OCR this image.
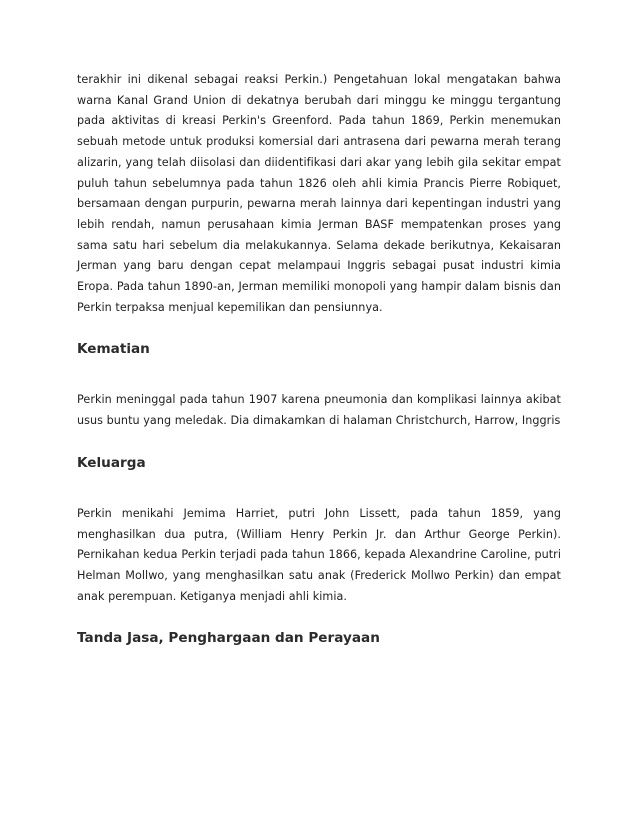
terakhir ini dikenal sebagai reaksi Perkin.) Pengetahuan lokal mengatakan bahwa warna Kanal Grand Union di dekatnya berubah dari minggu ke minggu tergantung pada aktivitas di kreasi Perkin's Greenford. Pada tahun 1869, Perkin menemukan sebuah metode untuk produksi komersial dari antrasena dari pewarna merah terang alizarin, yang telah diisolasi dan diidentifikasi dari akar yang lebih gila sekitar empat puluh tahun sebelumnya pada tahun 1826 oleh ahli kimia Prancis Pierre Robiquet, bersamaan dengan purpurin, pewarna merah lainnya dari kepentingan industri yang lebih rendah, namun perusahaan kimia Jerman BASF mempatenkan proses yang sama satu hari sebelum dia melakukannya. Selama dekade berikutnya, Kekaisaran Jerman yang baru dengan cepat melampaui Inggris sebagai pusat industri kimia Eropa. Pada tahun 1890-an, Jerman memiliki monopoli yang hampir dalam bisnis dan Perkin terpaksa menjual kepemilikan dan pensiunnya.

Kematian

Perkin meninggal pada tahun 1907 karena pneumonia dan komplikasi lainnya akibat usus buntu yang meledak. Dia dimakamkan di halaman Christchurch, Harrow, Inggris

Keluarga

Perkin menikahi Jemima Harriet, putri John Lissett, pada tahun 1859, yang menghasilkan dua putra, (William Henry Perkin Jr. dan Arthur George Perkin). Pernikahan kedua Perkin terjadi pada tahun 1866, kepada Alexandrine Caroline, putri Helman Mollwo, yang menghasilkan satu anak (Frederick Mollwo Perkin) dan empat anak perempuan. Ketiganya menjadi ahli kimia.

Tanda Jasa, Penghargaan dan Perayaan
